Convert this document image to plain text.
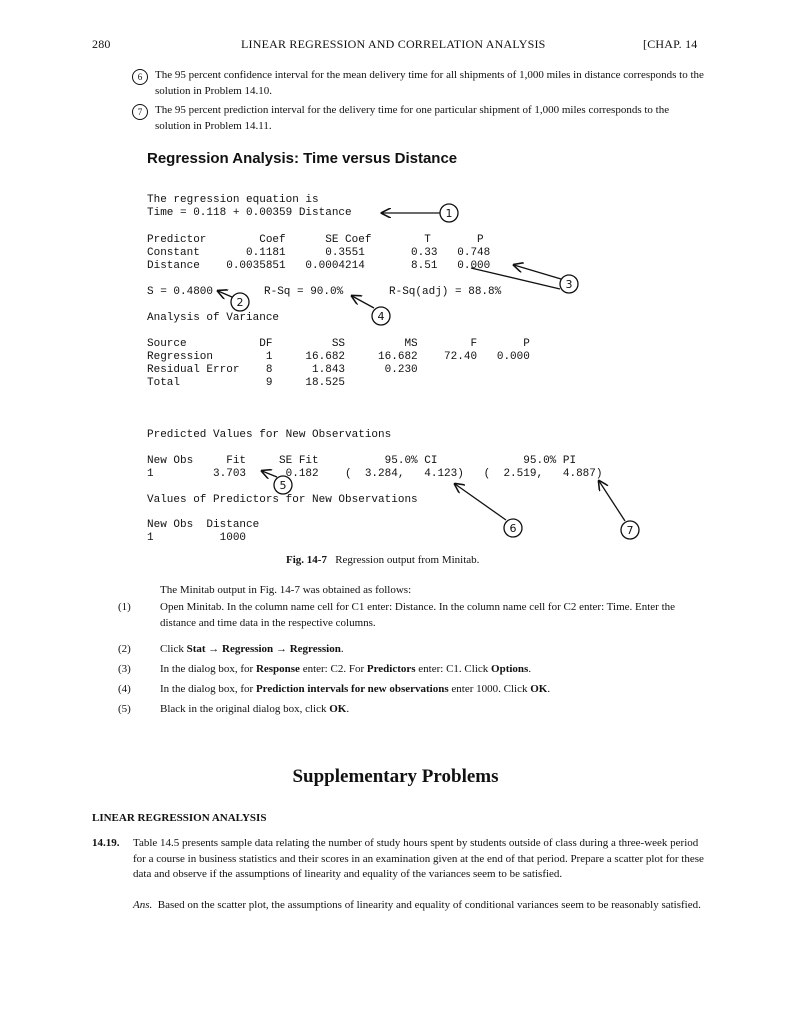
280	LINEAR REGRESSION AND CORRELATION ANALYSIS	[CHAP. 14
6	The 95 percent confidence interval for the mean delivery time for all shipments of 1,000 miles in distance corresponds to the solution in Problem 14.10.
7	The 95 percent prediction interval for the delivery time for one particular shipment of 1,000 miles corresponds to the solution in Problem 14.11.
Regression Analysis: Time versus Distance
The regression equation is
Time = 0.118 + 0.00359 Distance
Predictor        Coef      SE Coef        T       P
Constant       0.1181      0.3551       0.33   0.748
Distance    0.0035851   0.0004214       8.51   0.000
S = 0.4800	R-Sq = 90.0%	R-Sq(adj) = 88.8%
Analysis of Variance
Source           DF         SS         MS        F       P
Regression        1     16.682     16.682    72.40   0.000
Residual Error    8      1.843      0.230
Total             9     18.525
Predicted Values for New Observations
New Obs     Fit     SE Fit          95.0% CI             95.0% PI
1         3.703      0.182    (  3.284,   4.123)   (  2.519,   4.887)
Values of Predictors for New Observations
New Obs  Distance
1          1000
1
2
3
4
5
6	7
Fig. 14-7 Regression output from Minitab.
The Minitab output in Fig. 14-7 was obtained as follows:
(1)	Open Minitab. In the column name cell for C1 enter: Distance. In the column name cell for C2 enter: Time. Enter the distance and time data in the respective columns.
(2)	Click Stat → Regression → Regression.
(3)	In the dialog box, for Response enter: C2. For Predictors enter: C1. Click Options.
(4)	In the dialog box, for Prediction intervals for new observations enter 1000. Click OK.
(5)	Black in the original dialog box, click OK.
Supplementary Problems
LINEAR REGRESSION ANALYSIS
14.19. Table 14.5 presents sample data relating the number of study hours spent by students outside of class during a three-week period for a course in business statistics and their scores in an examination given at the end of that period. Prepare a scatter plot for these data and observe if the assumptions of linearity and equality of the variances seem to be satisfied.
Ans. Based on the scatter plot, the assumptions of linearity and equality of conditional variances seem to be reasonably satisfied.
